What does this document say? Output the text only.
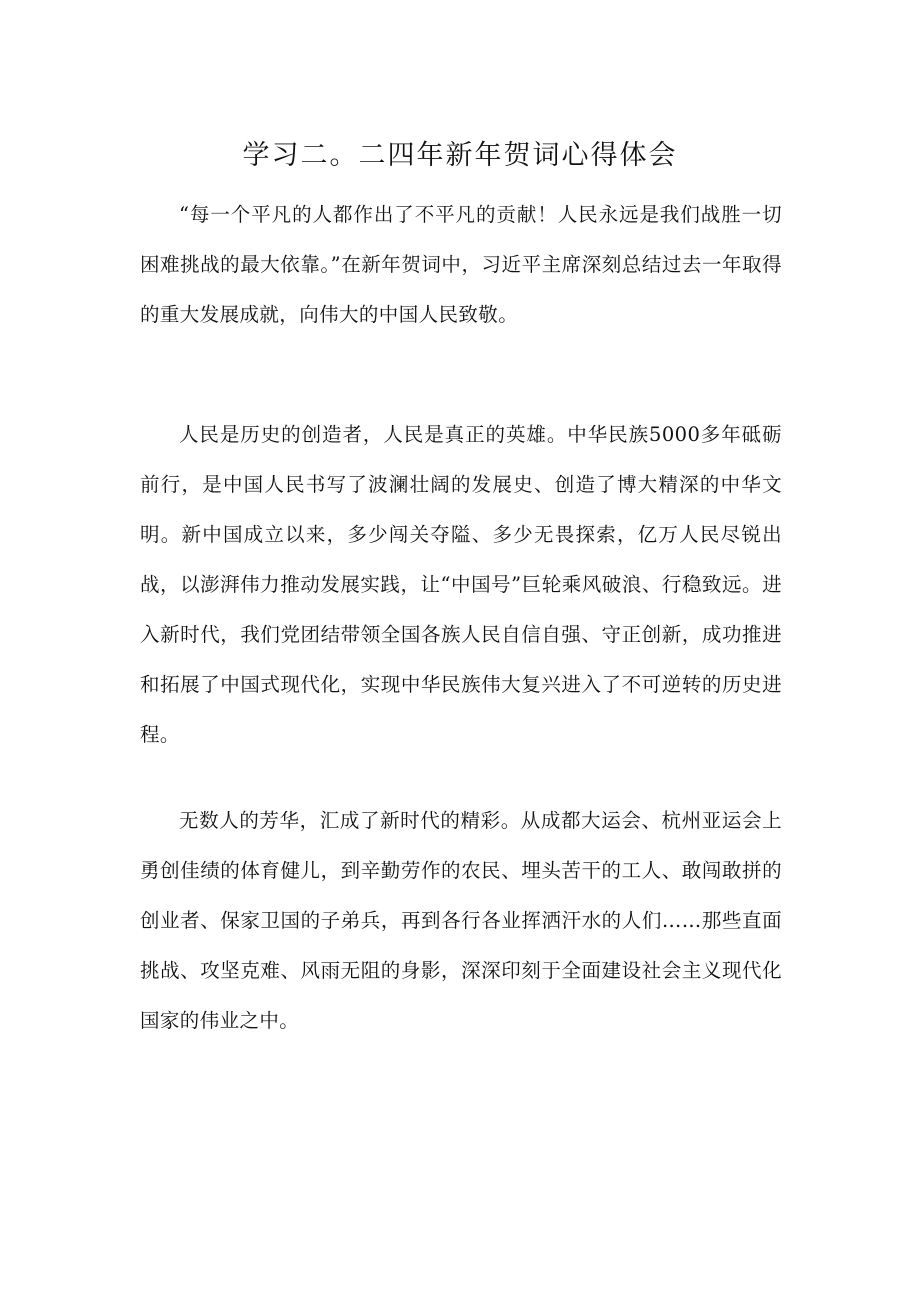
学习二。二四年新年贺词心得体会

“每一个平凡的人都作出了不平凡的贡献！人民永远是我们战胜一切困难挑战的最大依靠。”在新年贺词中，习近平主席深刻总结过去一年取得的重大发展成就，向伟大的中国人民致敬。

人民是历史的创造者，人民是真正的英雄。中华民族5000多年砥砺前行，是中国人民书写了波澜壮阔的发展史、创造了博大精深的中华文明。新中国成立以来，多少闯关夺隘、多少无畏探索，亿万人民尽锐出战，以澎湃伟力推动发展实践，让“中国号”巨轮乘风破浪、行稳致远。进入新时代，我们党团结带领全国各族人民自信自强、守正创新，成功推进和拓展了中国式现代化，实现中华民族伟大复兴进入了不可逆转的历史进程。

无数人的芳华，汇成了新时代的精彩。从成都大运会、杭州亚运会上勇创佳绩的体育健儿，到辛勤劳作的农民、埋头苦干的工人、敢闯敢拼的创业者、保家卫国的子弟兵，再到各行各业挥洒汗水的人们……那些直面挑战、攻坚克难、风雨无阻的身影，深深印刻于全面建设社会主义现代化国家的伟业之中。
